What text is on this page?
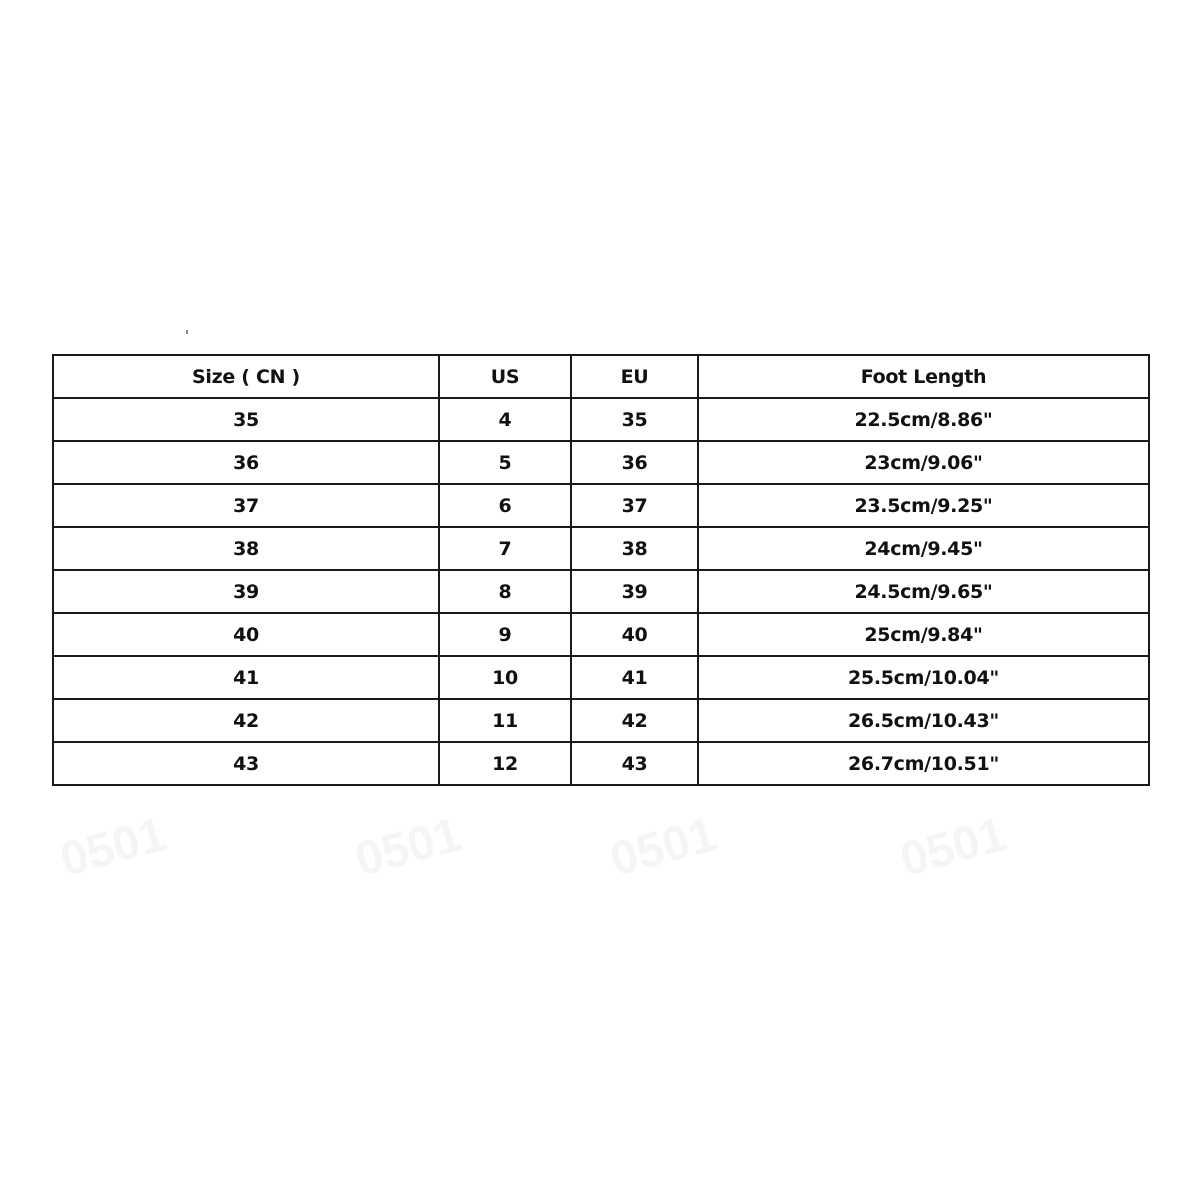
Size ( CN )	US	EU	Foot Length
35	4	35	22.5cm/8.86"
36	5	36	23cm/9.06"
37	6	37	23.5cm/9.25"
38	7	38	24cm/9.45"
39	8	39	24.5cm/9.65"
40	9	40	25cm/9.84"
41	10	41	25.5cm/10.04"
42	11	42	26.5cm/10.43"
43	12	43	26.7cm/10.51"
